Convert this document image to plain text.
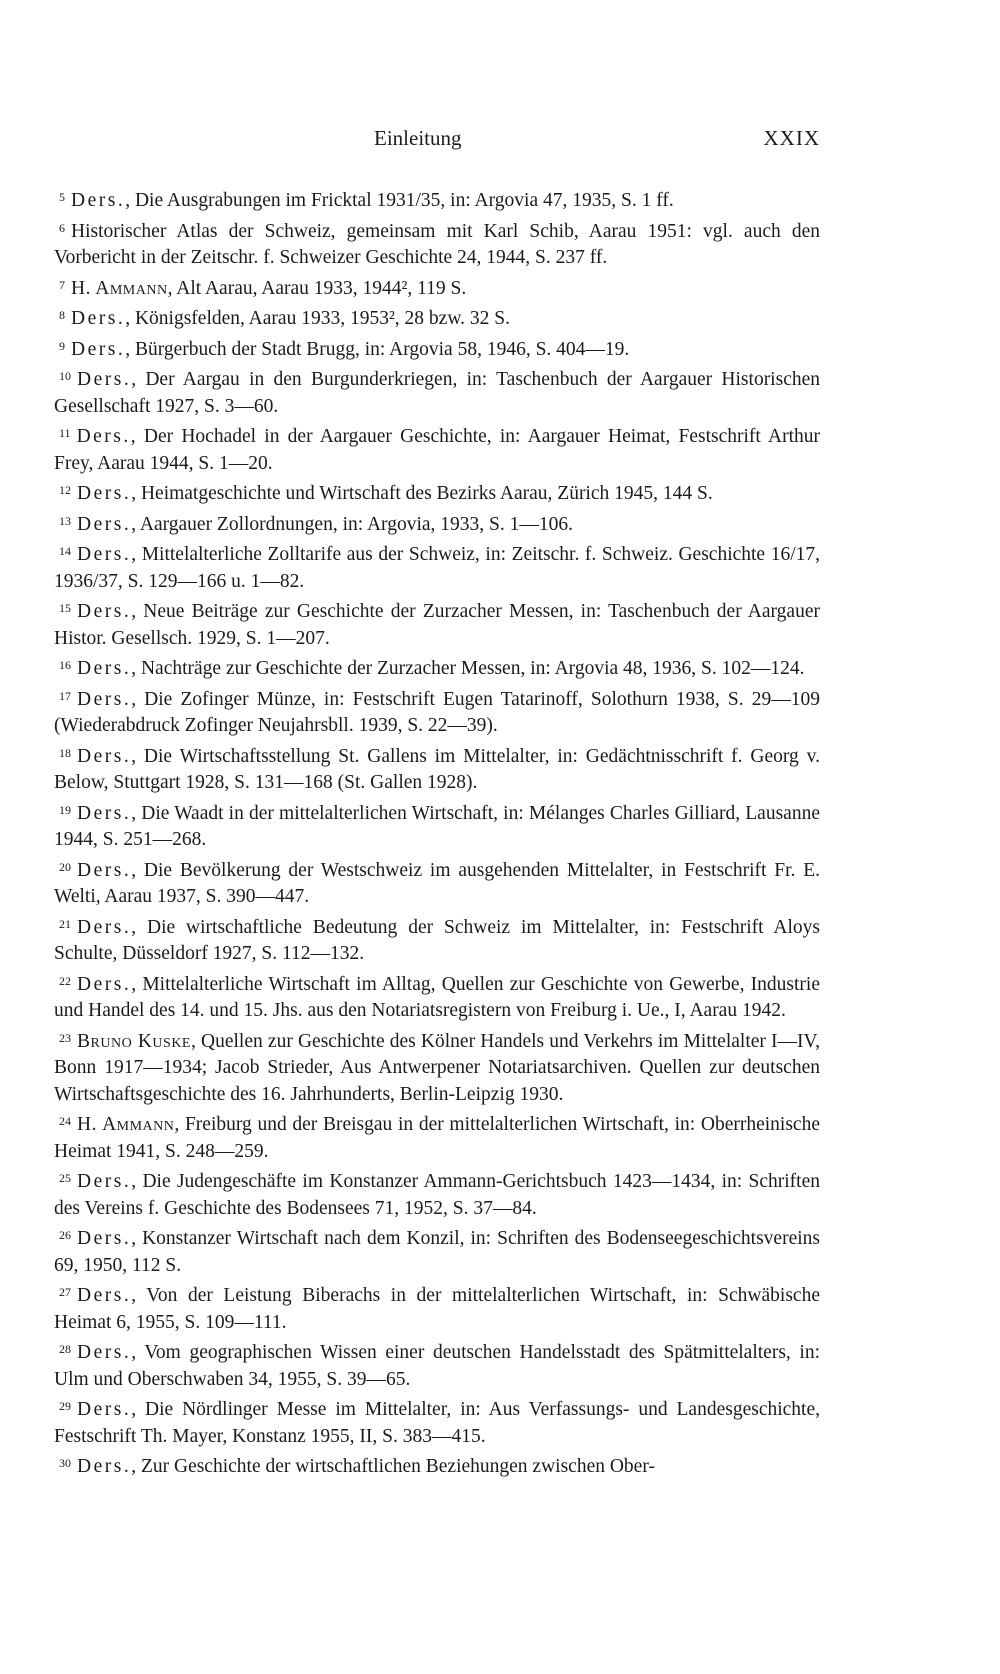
Einleitung	XXIX

$^5$ Ders., Die Ausgrabungen im Fricktal 1931/35, in: Argovia 47, 1935, S. 1 ff.

$^6$ Historischer Atlas der Schweiz, gemeinsam mit Karl Schib, Aarau 1951: vgl. auch den Vorbericht in der Zeitschr. f. Schweizer Geschichte 24, 1944, S. 237 ff.

$^7$ H. Ammann, Alt Aarau, Aarau 1933, 1944², 119 S.

$^8$ Ders., Königsfelden, Aarau 1933, 1953², 28 bzw. 32 S.

$^9$ Ders., Bürgerbuch der Stadt Brugg, in: Argovia 58, 1946, S. 404—19.

$^{10}$ Ders., Der Aargau in den Burgunderkriegen, in: Taschenbuch der Aargauer Historischen Gesellschaft 1927, S. 3—60.

$^{11}$ Ders., Der Hochadel in der Aargauer Geschichte, in: Aargauer Heimat, Festschrift Arthur Frey, Aarau 1944, S. 1—20.

$^{12}$ Ders., Heimatgeschichte und Wirtschaft des Bezirks Aarau, Zürich 1945, 144 S.

$^{13}$ Ders., Aargauer Zollordnungen, in: Argovia, 1933, S. 1—106.

$^{14}$ Ders., Mittelalterliche Zolltarife aus der Schweiz, in: Zeitschr. f. Schweiz. Geschichte 16/17, 1936/37, S. 129—166 u. 1—82.

$^{15}$ Ders., Neue Beiträge zur Geschichte der Zurzacher Messen, in: Taschenbuch der Aargauer Histor. Gesellsch. 1929, S. 1—207.

$^{16}$ Ders., Nachträge zur Geschichte der Zurzacher Messen, in: Argovia 48, 1936, S. 102—124.

$^{17}$ Ders., Die Zofinger Münze, in: Festschrift Eugen Tatarinoff, Solothurn 1938, S. 29—109 (Wiederabdruck Zofinger Neujahrsbll. 1939, S. 22—39).

$^{18}$ Ders., Die Wirtschaftsstellung St. Gallens im Mittelalter, in: Gedächtnisschrift f. Georg v. Below, Stuttgart 1928, S. 131—168 (St. Gallen 1928).

$^{19}$ Ders., Die Waadt in der mittelalterlichen Wirtschaft, in: Mélanges Charles Gilliard, Lausanne 1944, S. 251—268.

$^{20}$ Ders., Die Bevölkerung der Westschweiz im ausgehenden Mittelalter, in Festschrift Fr. E. Welti, Aarau 1937, S. 390—447.

$^{21}$ Ders., Die wirtschaftliche Bedeutung der Schweiz im Mittelalter, in: Festschrift Aloys Schulte, Düsseldorf 1927, S. 112—132.

$^{22}$ Ders., Mittelalterliche Wirtschaft im Alltag, Quellen zur Geschichte von Gewerbe, Industrie und Handel des 14. und 15. Jhs. aus den Notariatsregistern von Freiburg i. Ue., I, Aarau 1942.

$^{23}$ Bruno Kuske, Quellen zur Geschichte des Kölner Handels und Verkehrs im Mittelalter I—IV, Bonn 1917—1934; Jacob Strieder, Aus Antwerpener Notariatsarchiven. Quellen zur deutschen Wirtschaftsgeschichte des 16. Jahrhunderts, Berlin-Leipzig 1930.

$^{24}$ H. Ammann, Freiburg und der Breisgau in der mittelalterlichen Wirtschaft, in: Oberrheinische Heimat 1941, S. 248—259.

$^{25}$ Ders., Die Judengeschäfte im Konstanzer Ammann-Gerichtsbuch 1423—1434, in: Schriften des Vereins f. Geschichte des Bodensees 71, 1952, S. 37—84.

$^{26}$ Ders., Konstanzer Wirtschaft nach dem Konzil, in: Schriften des Bodenseegeschichtsvereins 69, 1950, 112 S.

$^{27}$ Ders., Von der Leistung Biberachs in der mittelalterlichen Wirtschaft, in: Schwäbische Heimat 6, 1955, S. 109—111.

$^{28}$ Ders., Vom geographischen Wissen einer deutschen Handelsstadt des Spätmittelalters, in: Ulm und Oberschwaben 34, 1955, S. 39—65.

$^{29}$ Ders., Die Nördlinger Messe im Mittelalter, in: Aus Verfassungs- und Landesgeschichte, Festschrift Th. Mayer, Konstanz 1955, II, S. 383—415.

$^{30}$ Ders., Zur Geschichte der wirtschaftlichen Beziehungen zwischen Ober-
